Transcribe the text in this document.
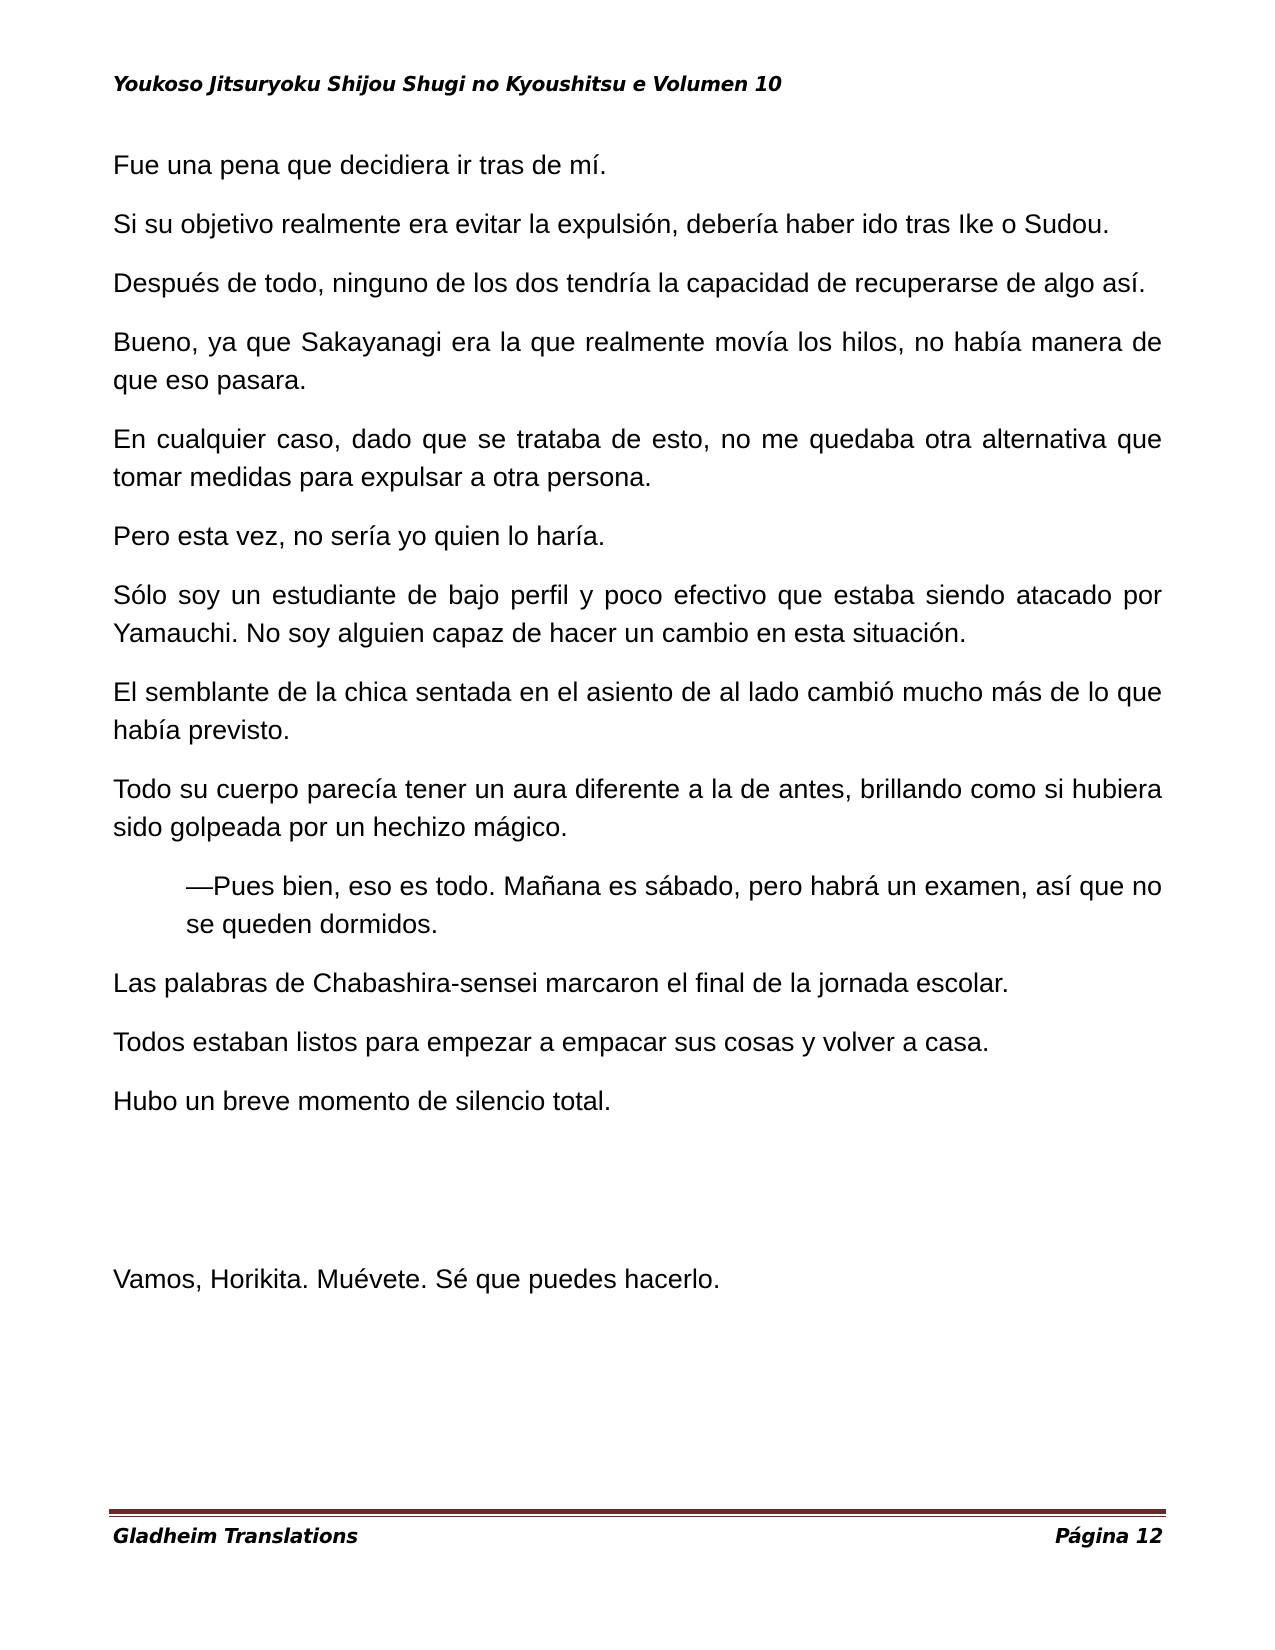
Youkoso Jitsuryoku Shijou Shugi no Kyoushitsu e Volumen 10

Fue una pena que decidiera ir tras de mí.

Si su objetivo realmente era evitar la expulsión, debería haber ido tras Ike o Sudou.

Después de todo, ninguno de los dos tendría la capacidad de recuperarse de algo así.

Bueno, ya que Sakayanagi era la que realmente movía los hilos, no había manera de que eso pasara.

En cualquier caso, dado que se trataba de esto, no me quedaba otra alternativa que tomar medidas para expulsar a otra persona.

Pero esta vez, no sería yo quien lo haría.

Sólo soy un estudiante de bajo perfil y poco efectivo que estaba siendo atacado por Yamauchi. No soy alguien capaz de hacer un cambio en esta situación.

El semblante de la chica sentada en el asiento de al lado cambió mucho más de lo que había previsto.

Todo su cuerpo parecía tener un aura diferente a la de antes, brillando como si hubiera sido golpeada por un hechizo mágico.

—Pues bien, eso es todo. Mañana es sábado, pero habrá un examen, así que no se queden dormidos.

Las palabras de Chabashira-sensei marcaron el final de la jornada escolar.

Todos estaban listos para empezar a empacar sus cosas y volver a casa.

Hubo un breve momento de silencio total.

Vamos, Horikita. Muévete. Sé que puedes hacerlo.

Gladheim Translations	Página 12
